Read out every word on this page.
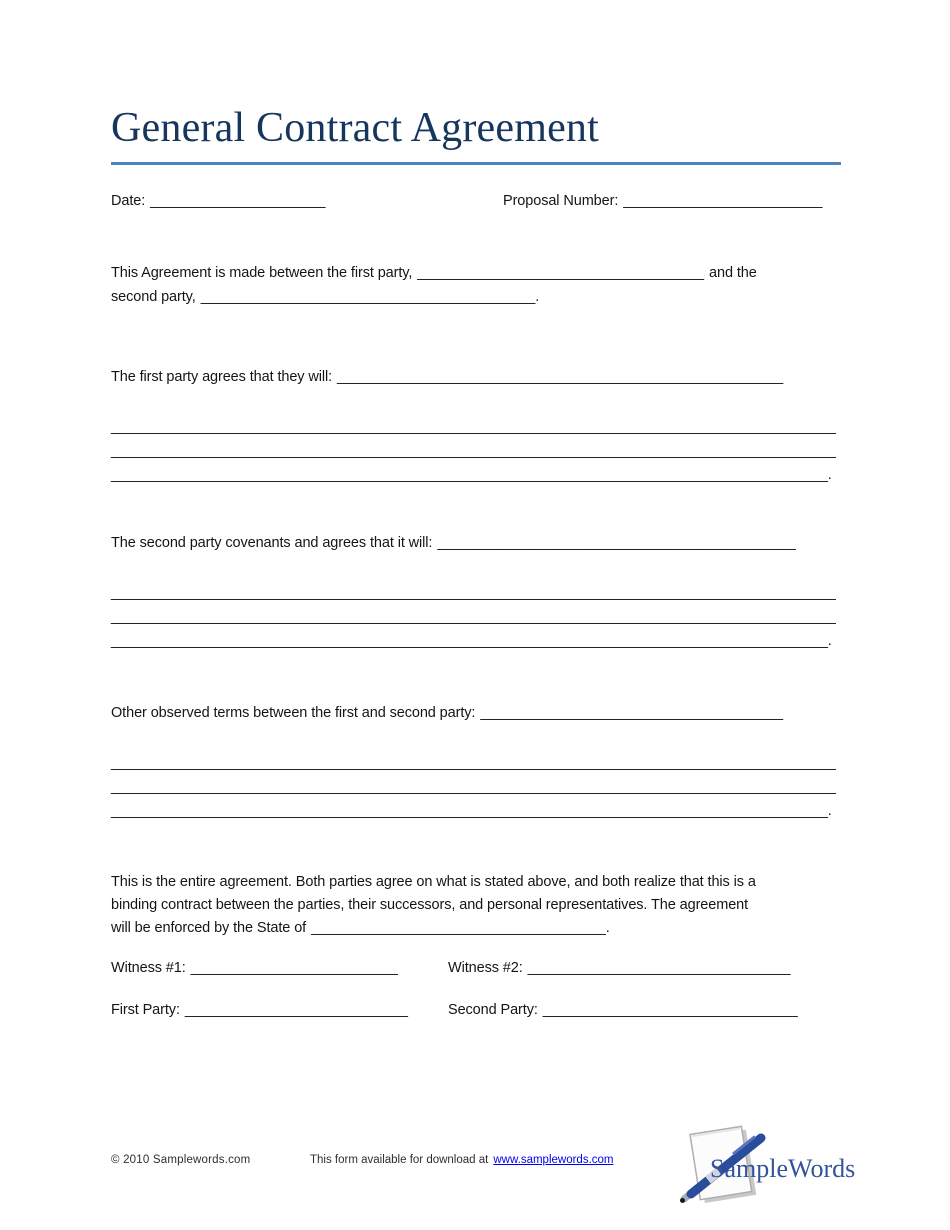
General Contract Agreement
Date: ______________________	Proposal Number: _________________________
This Agreement is made between the first party, ____________________________________ and the
second party, __________________________________________.
The first party agrees that they will: ________________________________________________________
___________________________________________________________________________________________
___________________________________________________________________________________________
__________________________________________________________________________________________.
The second party covenants and agrees that it will: _____________________________________________
___________________________________________________________________________________________
___________________________________________________________________________________________
__________________________________________________________________________________________.
Other observed terms between the first and second party: ______________________________________
___________________________________________________________________________________________
___________________________________________________________________________________________
__________________________________________________________________________________________.
This is the entire agreement. Both parties agree on what is stated above, and both realize that this is a
binding contract between the parties, their successors, and personal representatives. The agreement
will be enforced by the State of _____________________________________.
Witness #1: __________________________	Witness #2: _________________________________
First Party: ____________________________	Second Party: ________________________________
© 2010 Samplewords.com	This form available for download at www.samplewords.com	SampleWords
